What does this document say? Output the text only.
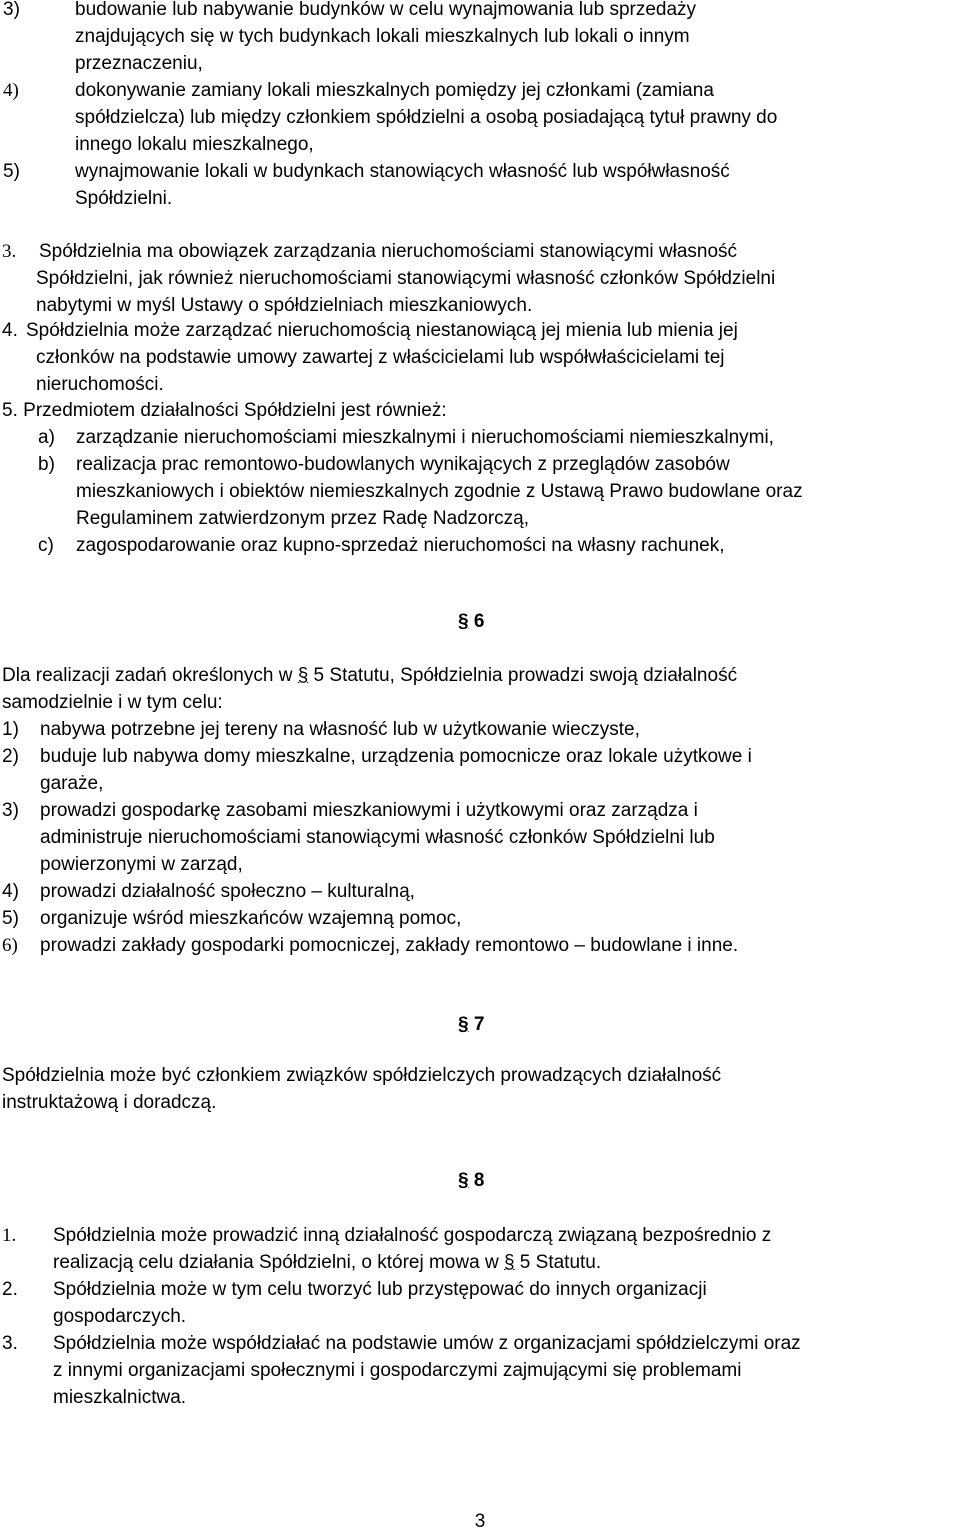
3)	budowanie lub nabywanie budynków w celu wynajmowania lub sprzedaży
znajdujących się w tych budynkach lokali mieszkalnych lub lokali o innym
przeznaczeniu,
4)	dokonywanie zamiany lokali mieszkalnych pomiędzy jej członkami (zamiana
spółdzielcza) lub między członkiem spółdzielni a osobą posiadającą tytuł prawny do
innego lokalu mieszkalnego,
5)	wynajmowanie lokali w budynkach stanowiących własność lub współwłasność
Spółdzielni.
3. Spółdzielnia ma obowiązek zarządzania nieruchomościami stanowiącymi własność
Spółdzielni, jak również nieruchomościami stanowiącymi własność członków Spółdzielni
nabytymi w myśl Ustawy o spółdzielniach mieszkaniowych.
4. Spółdzielnia może zarządzać nieruchomością niestanowiącą jej mienia lub mienia jej
członków na podstawie umowy zawartej z właścicielami lub współwłaścicielami tej
nieruchomości.
5. Przedmiotem działalności Spółdzielni jest również:
a) zarządzanie nieruchomościami mieszkalnymi i nieruchomościami niemieszkalnymi,
b) realizacja prac remontowo-budowlanych wynikających z przeglądów zasobów
mieszkaniowych i obiektów niemieszkalnych zgodnie z Ustawą Prawo budowlane oraz
Regulaminem zatwierdzonym przez Radę Nadzorczą,
c) zagospodarowanie oraz kupno-sprzedaż nieruchomości na własny rachunek,
§ 6
Dla realizacji zadań określonych w § 5 Statutu, Spółdzielnia prowadzi swoją działalność
samodzielnie i w tym celu:
1) nabywa potrzebne jej tereny na własność lub w użytkowanie wieczyste,
2) buduje lub nabywa domy mieszkalne, urządzenia pomocnicze oraz lokale użytkowe i
garaże,
3) prowadzi gospodarkę zasobami mieszkaniowymi i użytkowymi oraz zarządza i
administruje nieruchomościami stanowiącymi własność członków Spółdzielni lub
powierzonymi w zarząd,
4) prowadzi działalność społeczno – kulturalną,
5) organizuje wśród mieszkańców wzajemną pomoc,
6) prowadzi zakłady gospodarki pomocniczej, zakłady remontowo – budowlane i inne.
§ 7
Spółdzielnia może być członkiem związków spółdzielczych prowadzących działalność
instruktażową i doradczą.
§ 8
1. Spółdzielnia może prowadzić inną działalność gospodarczą związaną bezpośrednio z
realizacją celu działania Spółdzielni, o której mowa w § 5 Statutu.
2. Spółdzielnia może w tym celu tworzyć lub przystępować do innych organizacji
gospodarczych.
3. Spółdzielnia może współdziałać na podstawie umów z organizacjami spółdzielczymi oraz
z innymi organizacjami społecznymi i gospodarczymi zajmującymi się problemami
mieszkalnictwa.
3
